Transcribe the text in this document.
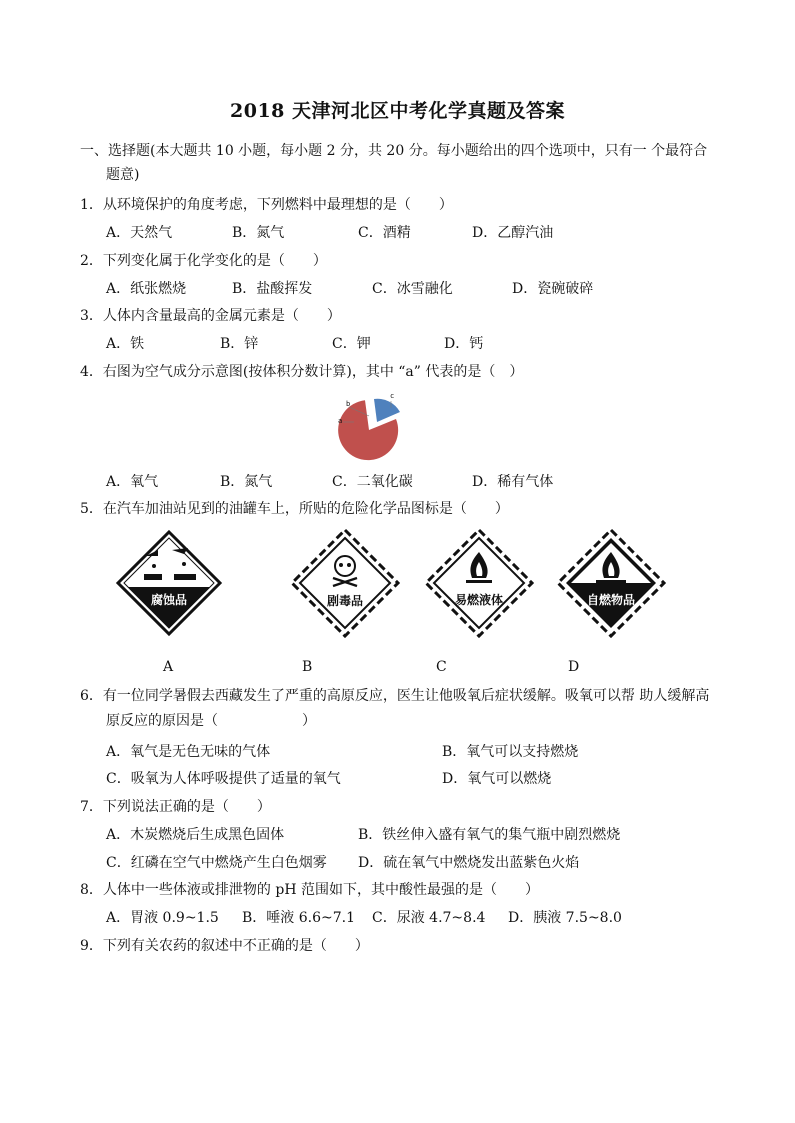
2018 天津河北区中考化学真题及答案
一、选择题(本大题共 10 小题，每小题 2 分，共 20 分。每小题给出的四个选项中，只有一 个最符合
题意)
1．从环境保护的角度考虑，下列燃料中最理想的是（　　）
A．天然气	B．氮气	C．酒精	D．乙醇汽油
2．下列变化属于化学变化的是（　　）
A．纸张燃烧	B．盐酸挥发	C．冰雪融化	D．瓷碗破碎
3．人体内含量最高的金属元素是（　　）
A．铁	B．锌	C．钾	D．钙
4．右图为空气成分示意图(按体积分数计算)，其中 “a” 代表的是（　）
b
a
c
A．氧气	B．氮气	C．二氧化碳	D．稀有气体
5．在汽车加油站见到的油罐车上，所贴的危险化学品图标是（　　）
腐蚀品	剧毒品	易燃液体	自燃物品
A	B	C	D
6．有一位同学暑假去西藏发生了严重的高原反应，医生让他吸氧后症状缓解。吸氧可以帮 助人缓解高
原反应的原因是（　　　　　　）
A．氧气是无色无味的气体	B．氧气可以支持燃烧
C．吸氧为人体呼吸提供了适量的氧气	D．氧气可以燃烧
7．下列说法正确的是（　　）
A．木炭燃烧后生成黑色固体	B．铁丝伸入盛有氧气的集气瓶中剧烈燃烧
C．红磷在空气中燃烧产生白色烟雾 D．硫在氧气中燃烧发出蓝紫色火焰
8．人体中一些体液或排泄物的 pH 范围如下，其中酸性最强的是（　　）
A．胃液 0.9~1.5 B．唾液 6.6~7.1 C．尿液 4.7~8.4 D．胰液 7.5~8.0
9．下列有关农药的叙述中不正确的是（　　）
